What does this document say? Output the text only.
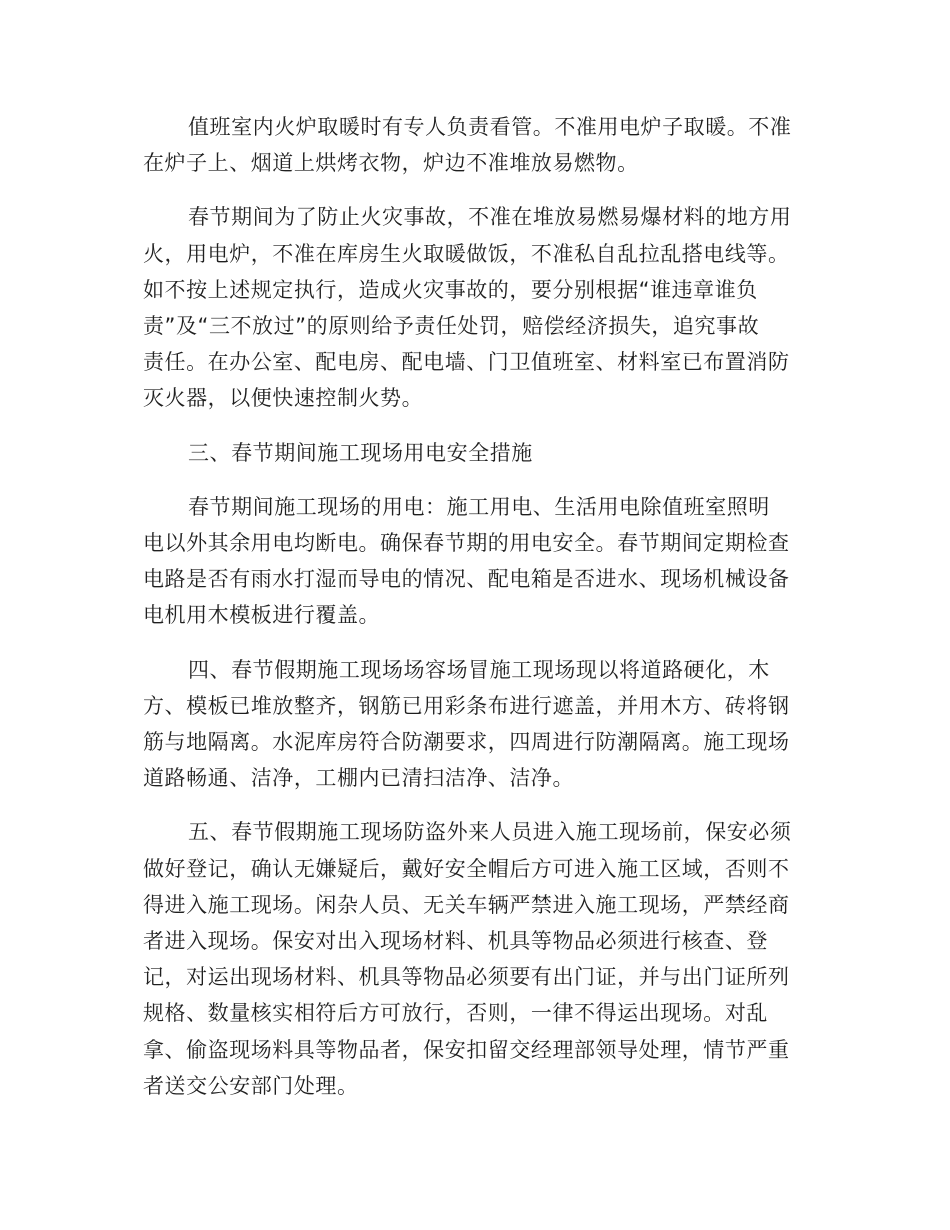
值班室内火炉取暖时有专人负责看管。不准用电炉子取暖。不准
在炉子上、烟道上烘烤衣物，炉边不准堆放易燃物。

春节期间为了防止火灾事故，不准在堆放易燃易爆材料的地方用
火，用电炉，不准在库房生火取暖做饭，不准私自乱拉乱搭电线等。
如不按上述规定执行，造成火灾事故的，要分别根据“谁违章谁负
责”及“三不放过”的原则给予责任处罚，赔偿经济损失，追究事故
责任。在办公室、配电房、配电墙、门卫值班室、材料室已布置消防
灭火器，以便快速控制火势。

三、春节期间施工现场用电安全措施

春节期间施工现场的用电：施工用电、生活用电除值班室照明
电以外其余用电均断电。确保春节期的用电安全。春节期间定期检查
电路是否有雨水打湿而导电的情况、配电箱是否进水、现场机械设备
电机用木模板进行覆盖。

四、春节假期施工现场场容场冒施工现场现以将道路硬化，木
方、模板已堆放整齐，钢筋已用彩条布进行遮盖，并用木方、砖将钢
筋与地隔离。水泥库房符合防潮要求，四周进行防潮隔离。施工现场
道路畅通、洁净，工棚内已清扫洁净、洁净。

五、春节假期施工现场防盗外来人员进入施工现场前，保安必须
做好登记，确认无嫌疑后，戴好安全帽后方可进入施工区域，否则不
得进入施工现场。闲杂人员、无关车辆严禁进入施工现场，严禁经商
者进入现场。保安对出入现场材料、机具等物品必须进行核查、登
记，对运出现场材料、机具等物品必须要有出门证，并与出门证所列
规格、数量核实相符后方可放行，否则，一律不得运出现场。对乱
拿、偷盗现场料具等物品者，保安扣留交经理部领导处理，情节严重
者送交公安部门处理。
